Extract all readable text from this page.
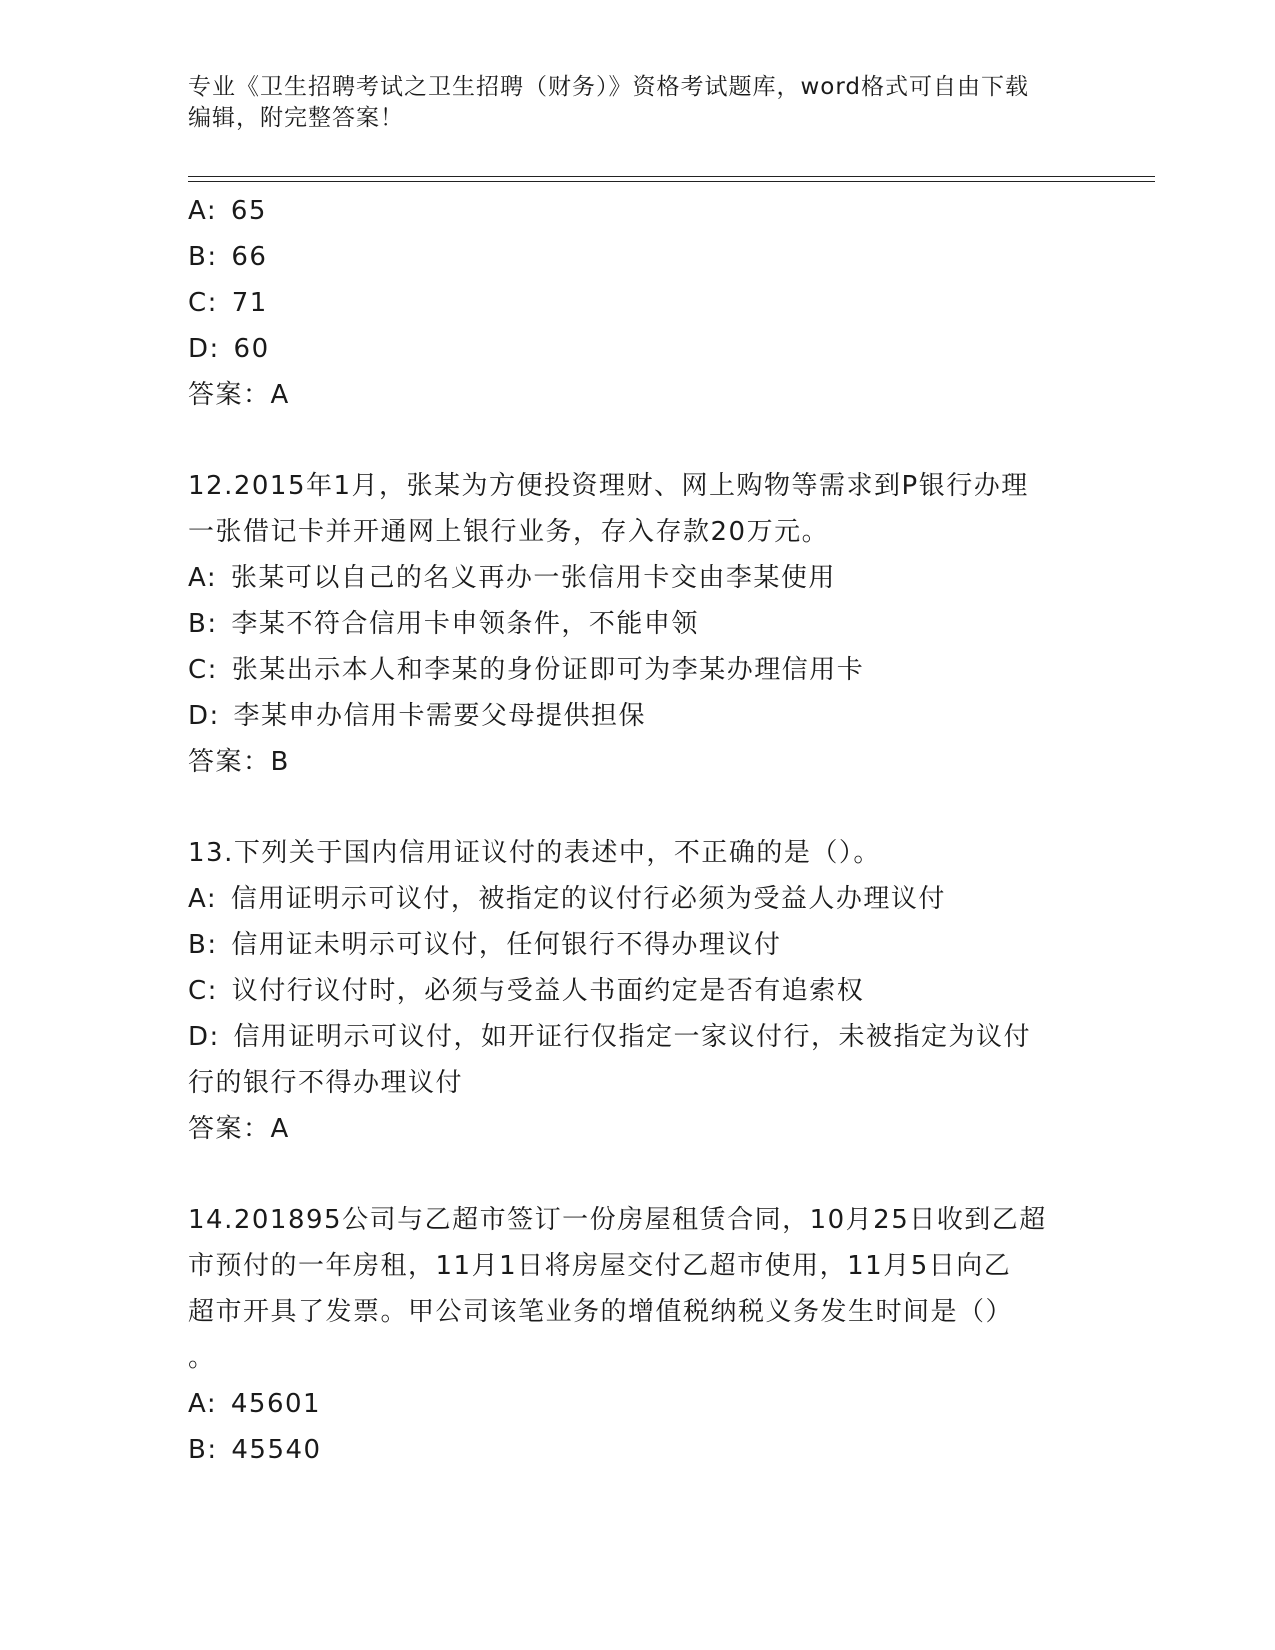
专业《卫生招聘考试之卫生招聘（财务）》资格考试题库，word格式可自由下载
编辑，附完整答案！
A: 65
B: 66
C: 71
D: 60
答案：A
12.2015年1月，张某为方便投资理财、网上购物等需求到P银行办理
一张借记卡并开通网上银行业务，存入存款20万元。
A: 张某可以自己的名义再办一张信用卡交由李某使用
B: 李某不符合信用卡申领条件，不能申领
C: 张某出示本人和李某的身份证即可为李某办理信用卡
D: 李某申办信用卡需要父母提供担保
答案：B
13.下列关于国内信用证议付的表述中，不正确的是（）。
A: 信用证明示可议付，被指定的议付行必须为受益人办理议付
B: 信用证未明示可议付，任何银行不得办理议付
C: 议付行议付时，必须与受益人书面约定是否有追索权
D: 信用证明示可议付，如开证行仅指定一家议付行，未被指定为议付
行的银行不得办理议付
答案：A
14.201895公司与乙超市签订一份房屋租赁合同，10月25日收到乙超
市预付的一年房租，11月1日将房屋交付乙超市使用，11月5日向乙
超市开具了发票。甲公司该笔业务的增值税纳税义务发生时间是（）
。
A: 45601
B: 45540
